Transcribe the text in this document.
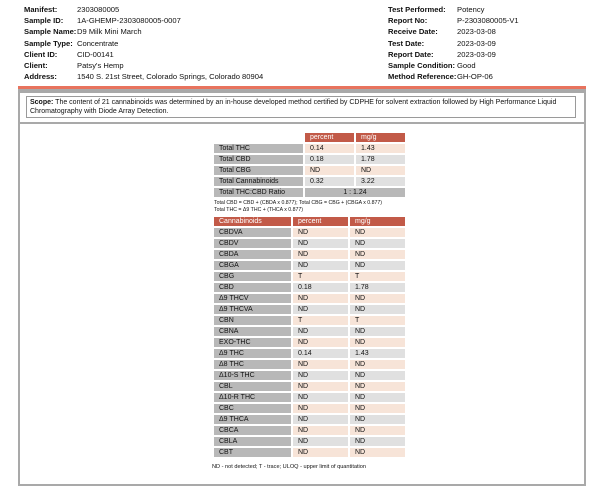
Manifest:	2303080005
Sample ID:	1A-GHEMP-2303080005-0007
Sample Name: D9 Milk Mini March
Sample Type: Concentrate
Client ID:	CID-00141
Client:	Patsy's Hemp
Address:	1540 S. 21st Street, Colorado Springs, Colorado 80904
Test Performed:	Potency
Report No:	P-2303080005-V1
Receive Date:	2023-03-08
Test Date:	2023-03-09
Report Date:	2023-03-09
Sample Condition: Good
Method Reference: GH-OP-06
Scope: The content of 21 cannabinoids was determined by an in-house developed method certified by CDPHE for solvent extraction followed by High Performance Liquid Chromatography with Diode Array Detection.
	percent	mg/g
Total THC	0.14	1.43
Total CBD	0.18	1.78
Total CBG	ND	ND
Total Cannabinoids	0.32	3.22
Total THC:CBD Ratio	1 : 1.24	
Total CBD = CBD + (CBDA x 0.877); Total CBG = CBG + (CBGA x 0.877)
Total THC = Δ9 THC + (THCA x 0.877)
Cannabinoids	percent	mg/g
CBDVA	ND	ND
CBDV	ND	ND
CBDA	ND	ND
CBGA	ND	ND
CBG	T	T
CBD	0.18	1.78
Δ9 THCV	ND	ND
Δ9 THCVA	ND	ND
CBN	T	T
CBNA	ND	ND
EXO-THC	ND	ND
Δ9 THC	0.14	1.43
Δ8 THC	ND	ND
Δ10-S THC	ND	ND
CBL	ND	ND
Δ10-R THC	ND	ND
CBC	ND	ND
Δ9 THCA	ND	ND
CBCA	ND	ND
CBLA	ND	ND
CBT	ND	ND
ND - not detected; T - trace; ULOQ - upper limit of quantitation
